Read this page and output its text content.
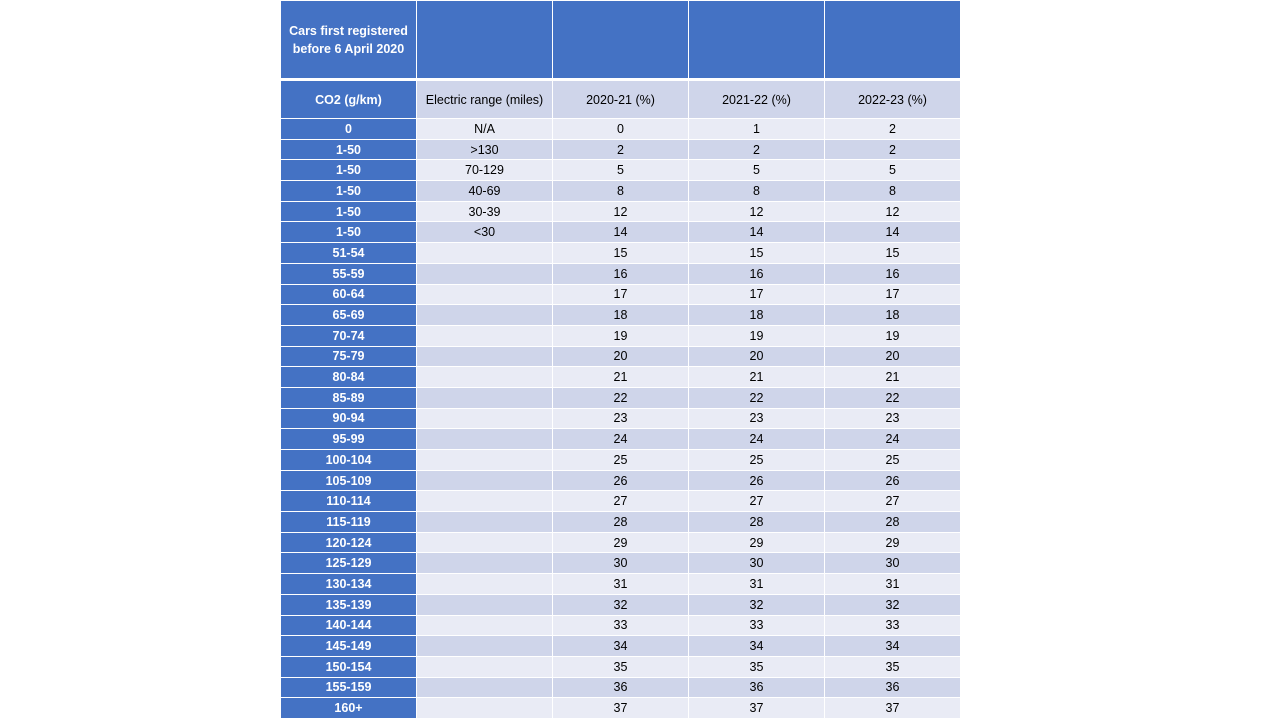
Cars first registered before 6 April 2020				
CO2 (g/km)	Electric range (miles)	2020-21 (%)	2021-22 (%)	2022-23 (%)
0	N/A	0	1	2
1-50	>130	2	2	2
1-50	70-129	5	5	5
1-50	40-69	8	8	8
1-50	30-39	12	12	12
1-50	<30	14	14	14
51-54		15	15	15
55-59		16	16	16
60-64		17	17	17
65-69		18	18	18
70-74		19	19	19
75-79		20	20	20
80-84		21	21	21
85-89		22	22	22
90-94		23	23	23
95-99		24	24	24
100-104		25	25	25
105-109		26	26	26
110-114		27	27	27
115-119		28	28	28
120-124		29	29	29
125-129		30	30	30
130-134		31	31	31
135-139		32	32	32
140-144		33	33	33
145-149		34	34	34
150-154		35	35	35
155-159		36	36	36
160+		37	37	37
